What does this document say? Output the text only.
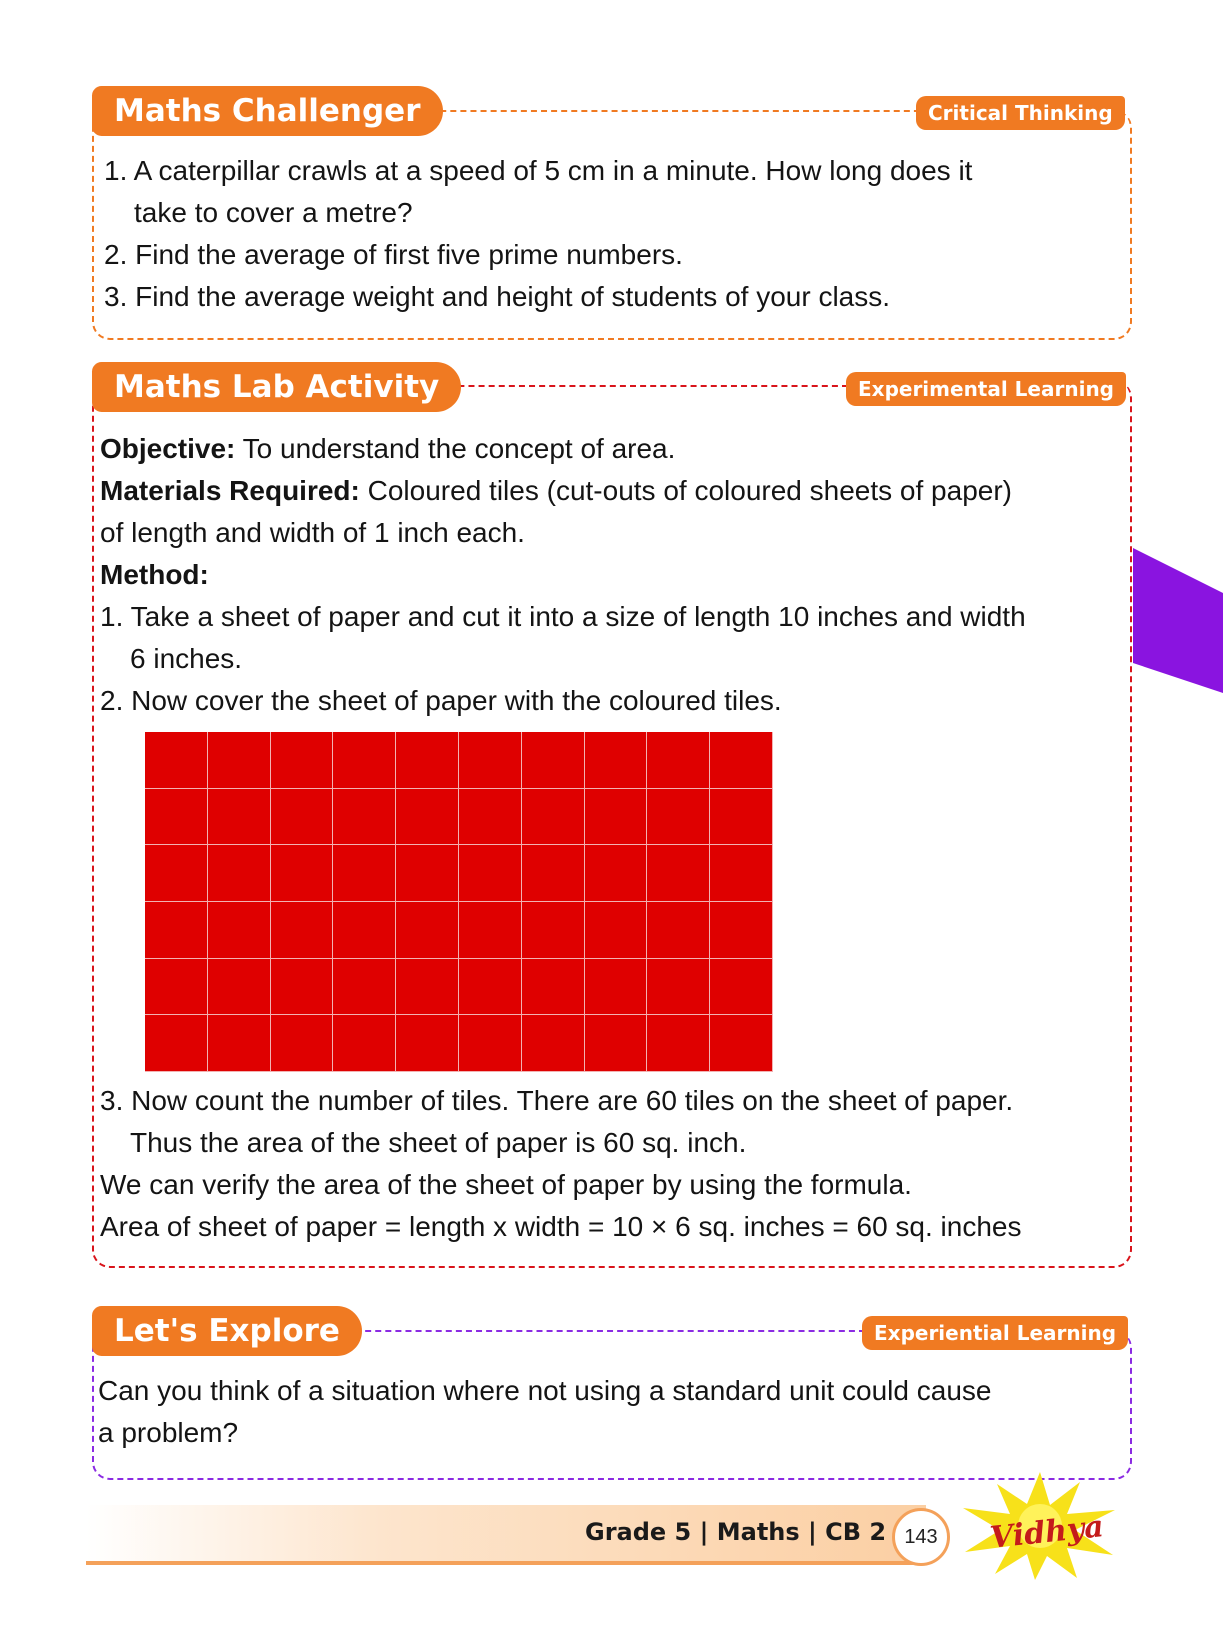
Maths Challenger	Critical Thinking
1. A caterpillar crawls at a speed of 5 cm in a minute. How long does it
take to cover a metre?
2. Find the average of first five prime numbers.
3. Find the average weight and height of students of your class.
Maths Lab Activity	Experimental Learning
Objective: To understand the concept of area.
Materials Required: Coloured tiles (cut-outs of coloured sheets of paper)
of length and width of 1 inch each.
Method:
1. Take a sheet of paper and cut it into a size of length 10 inches and width
6 inches.
2. Now cover the sheet of paper with the coloured tiles.
3. Now count the number of tiles. There are 60 tiles on the sheet of paper.
Thus the area of the sheet of paper is 60 sq. inch.
We can verify the area of the sheet of paper by using the formula.
Area of sheet of paper = length x width = 10 × 6 sq. inches = 60 sq. inches
Let's Explore	Experiential Learning
Can you think of a situation where not using a standard unit could cause
a problem?
Grade 5 | Maths | CB 2 143	Vidhya
